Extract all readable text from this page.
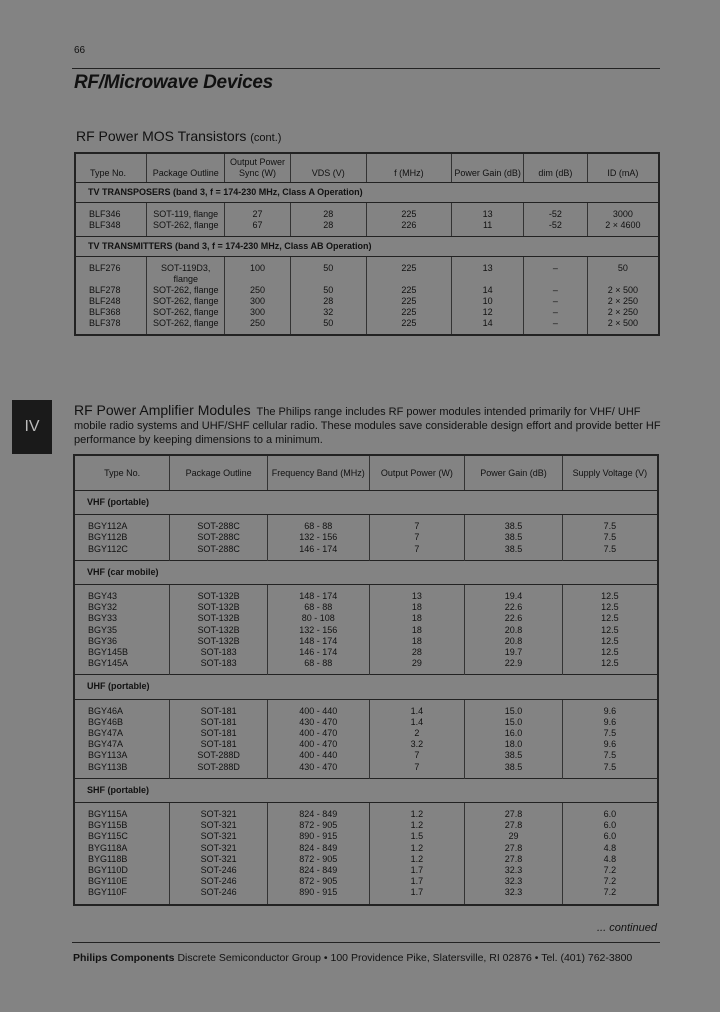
66
RF/Microwave Devices
RF Power MOS Transistors (cont.)
Type No.	Package Outline	Output Power Sync (W)	VDS (V)	f (MHz)	Power Gain (dB)	dim (dB)	ID (mA)
TV TRANSPOSERS (band 3, f = 174-230 MHz, Class A Operation)							
BLF346	SOT-119, flange	27	28	225	13	-52	3000
BLF348	SOT-262, flange	67	28	226	11	-52	2 × 4600
TV TRANSMITTERS (band 3, f = 174-230 MHz, Class AB Operation)							
BLF276	SOT-119D3, flange	100	50	225	13	–	50
BLF278	SOT-262, flange	250	50	225	14	–	2 × 500
BLF248	SOT-262, flange	300	28	225	10	–	2 × 250
BLF368	SOT-262, flange	300	32	225	12	–	2 × 250
BLF378	SOT-262, flange	250	50	225	14	–	2 × 500
IV
RF Power Amplifier Modules The Philips range includes RF power modules intended primarily for VHF/ UHF mobile radio systems and UHF/SHF cellular radio. These modules save considerable design effort and provide better HF performance by keeping dimensions to a minimum.
Type No.	Package Outline	Frequency Band (MHz)	Output Power (W)	Power Gain (dB)	Supply Voltage (V)
VHF (portable)					
BGY112A	SOT-288C	68 - 88	7	38.5	7.5
BGY112B	SOT-288C	132 - 156	7	38.5	7.5
BGY112C	SOT-288C	146 - 174	7	38.5	7.5
VHF (car mobile)					
BGY43	SOT-132B	148 - 174	13	19.4	12.5
BGY32	SOT-132B	68 - 88	18	22.6	12.5
BGY33	SOT-132B	80 - 108	18	22.6	12.5
BGY35	SOT-132B	132 - 156	18	20.8	12.5
BGY36	SOT-132B	148 - 174	18	20.8	12.5
BGY145B	SOT-183	146 - 174	28	19.7	12.5
BGY145A	SOT-183	68 - 88	29	22.9	12.5
UHF (portable)					
BGY46A	SOT-181	400 - 440	1.4	15.0	9.6
BGY46B	SOT-181	430 - 470	1.4	15.0	9.6
BGY47A	SOT-181	400 - 470	2	16.0	7.5
BGY47A	SOT-181	400 - 470	3.2	18.0	9.6
BGY113A	SOT-288D	400 - 440	7	38.5	7.5
BGY113B	SOT-288D	430 - 470	7	38.5	7.5
SHF (portable)					
BGY115A	SOT-321	824 - 849	1.2	27.8	6.0
BGY115B	SOT-321	872 - 905	1.2	27.8	6.0
BGY115C	SOT-321	890 - 915	1.5	29	6.0
BYG118A	SOT-321	824 - 849	1.2	27.8	4.8
BYG118B	SOT-321	872 - 905	1.2	27.8	4.8
BGY110D	SOT-246	824 - 849	1.7	32.3	7.2
BGY110E	SOT-246	872 - 905	1.7	32.3	7.2
BGY110F	SOT-246	890 - 915	1.7	32.3	7.2
... continued
Philips Components Discrete Semiconductor Group • 100 Providence Pike, Slatersville, RI 02876 • Tel. (401) 762-3800
